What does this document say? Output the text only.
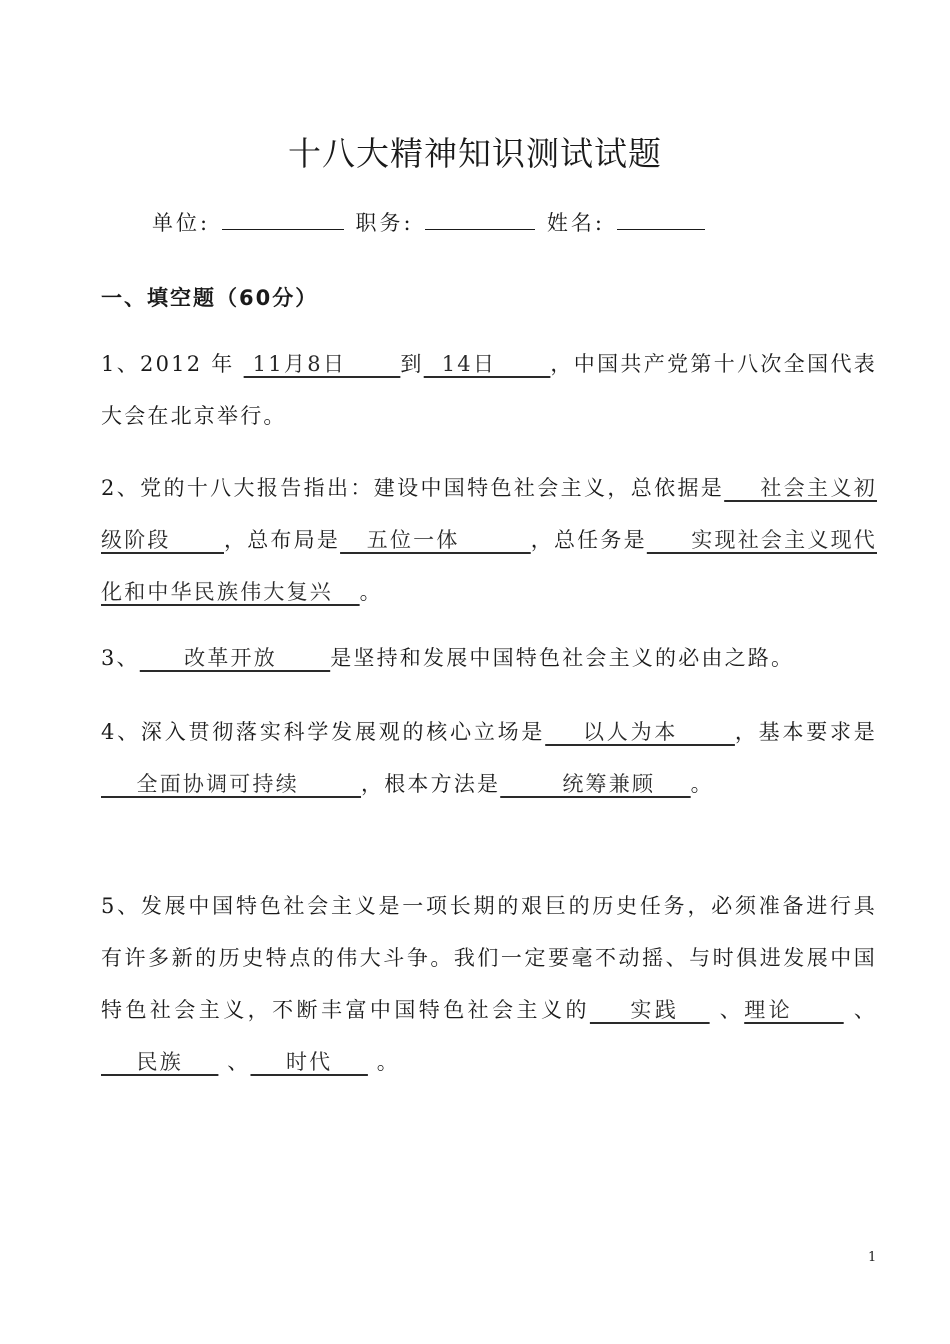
十八大精神知识测试试题
单位:	职务:	姓名:
一、填空题（60分）
1、2012 年  11月8日      到  14日      ，中国共产党第十八次全国代表大会在北京举行。
2、党的十八大报告指出：建设中国特色社会主义，总依据是    社会主义初级阶段      ，总布局是   五位一体        ，总任务是     实现社会主义现代化和中华民族伟大复兴   。
3、     改革开放      是坚持和发展中国特色社会主义的必由之路。
4、深入贯彻落实科学发展观的核心立场是    以人为本      ，基本要求是    全面协调可持续       ，根本方法是       统筹兼顾    。
5、发展中国特色社会主义是一项长期的艰巨的历史任务，必须准备进行具有许多新的历史特点的伟大斗争。我们一定要毫不动摇、与时俱进发展中国特色社会主义，不断丰富中国特色社会主义的    实践    、理论      、    民族     、    时代     。
1
